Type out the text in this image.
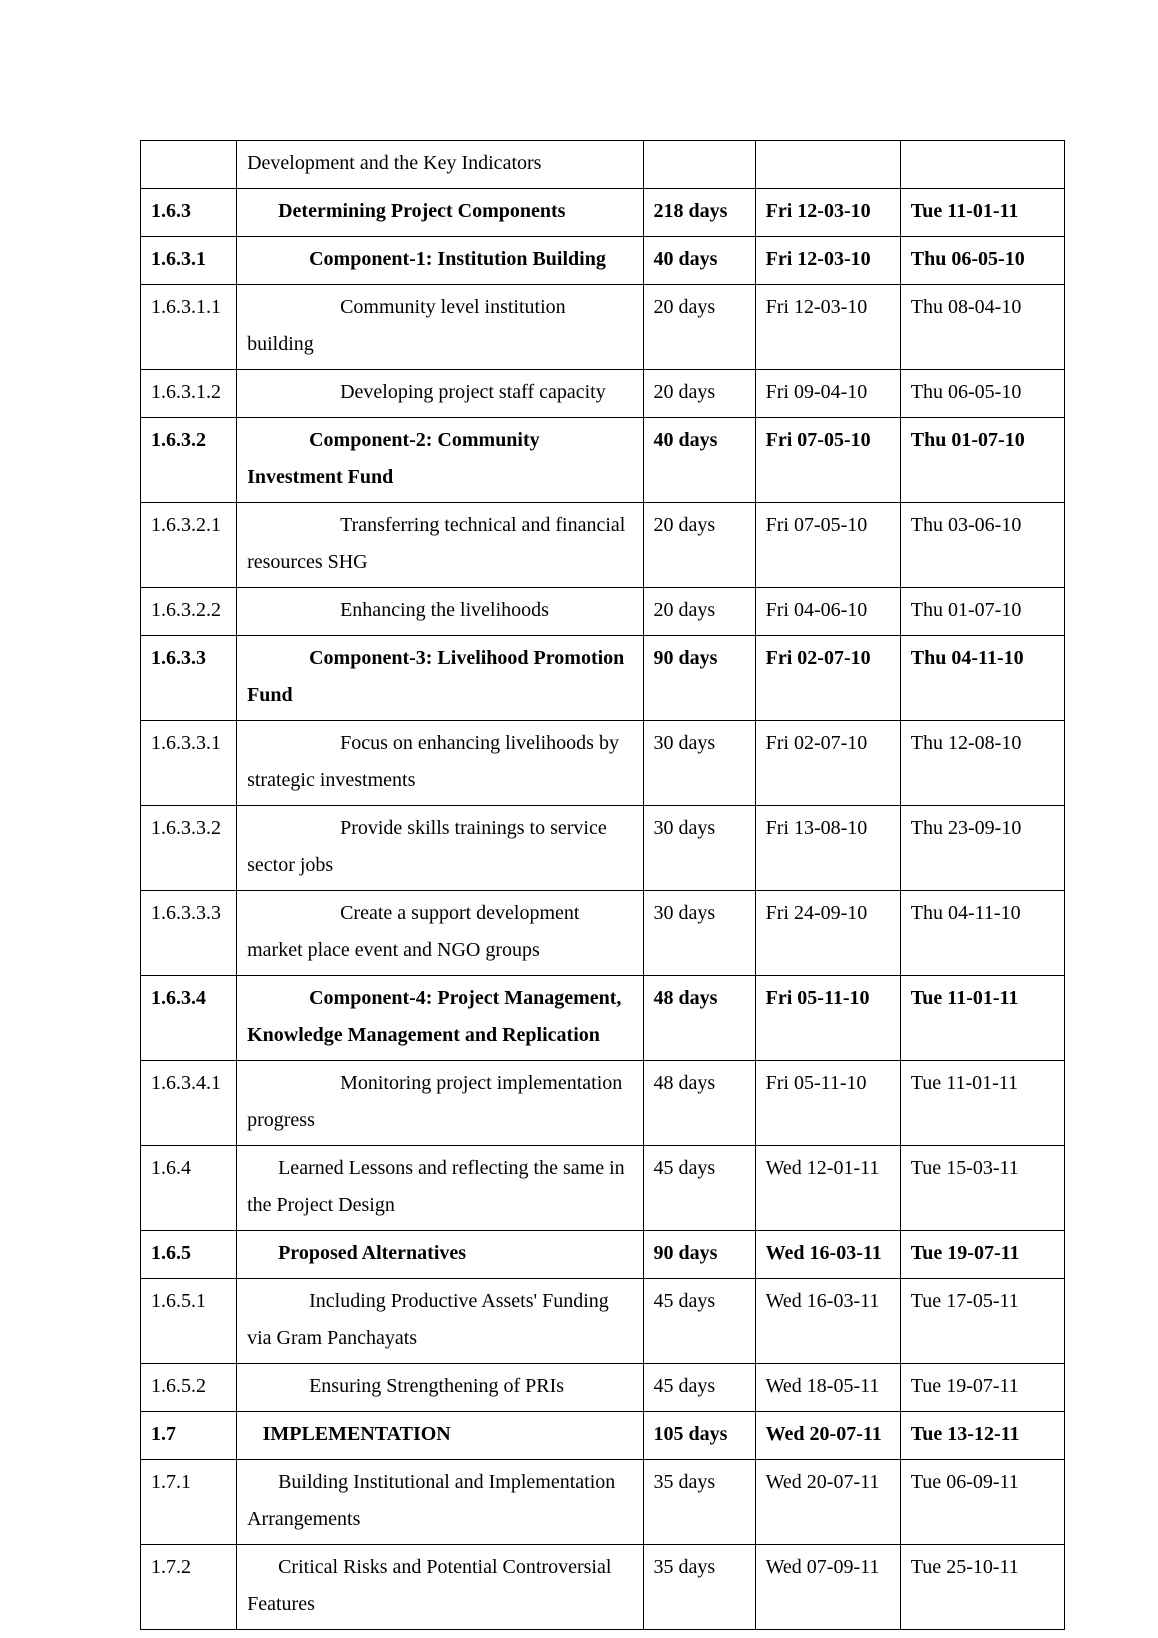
	Development and the Key Indicators			
1.6.3	Determining Project Components	218 days	Fri 12-03-10	Tue 11-01-11
1.6.3.1	Component-1: Institution Building	40 days	Fri 12-03-10	Thu 06-05-10
1.6.3.1.1	Community level institution building	20 days	Fri 12-03-10	Thu 08-04-10
1.6.3.1.2	Developing project staff capacity	20 days	Fri 09-04-10	Thu 06-05-10
1.6.3.2	Component-2: Community Investment Fund	40 days	Fri 07-05-10	Thu 01-07-10
1.6.3.2.1	Transferring technical and financial resources SHG	20 days	Fri 07-05-10	Thu 03-06-10
1.6.3.2.2	Enhancing the livelihoods	20 days	Fri 04-06-10	Thu 01-07-10
1.6.3.3	Component-3: Livelihood Promotion Fund	90 days	Fri 02-07-10	Thu 04-11-10
1.6.3.3.1	Focus on enhancing livelihoods by strategic investments	30 days	Fri 02-07-10	Thu 12-08-10
1.6.3.3.2	Provide skills trainings to service sector jobs	30 days	Fri 13-08-10	Thu 23-09-10
1.6.3.3.3	Create a support development market place event and NGO groups	30 days	Fri 24-09-10	Thu 04-11-10
1.6.3.4	Component-4: Project Management, Knowledge Management and Replication	48 days	Fri 05-11-10	Tue 11-01-11
1.6.3.4.1	Monitoring project implementation progress	48 days	Fri 05-11-10	Tue 11-01-11
1.6.4	Learned Lessons and reflecting the same in the Project Design	45 days	Wed 12-01-11	Tue 15-03-11
1.6.5	Proposed Alternatives	90 days	Wed 16-03-11	Tue 19-07-11
1.6.5.1	Including Productive Assets' Funding via Gram Panchayats	45 days	Wed 16-03-11	Tue 17-05-11
1.6.5.2	Ensuring Strengthening of PRIs	45 days	Wed 18-05-11	Tue 19-07-11
1.7	IMPLEMENTATION	105 days	Wed 20-07-11	Tue 13-12-11
1.7.1	Building Institutional and Implementation Arrangements	35 days	Wed 20-07-11	Tue 06-09-11
1.7.2	Critical Risks and Potential Controversial Features	35 days	Wed 07-09-11	Tue 25-10-11
